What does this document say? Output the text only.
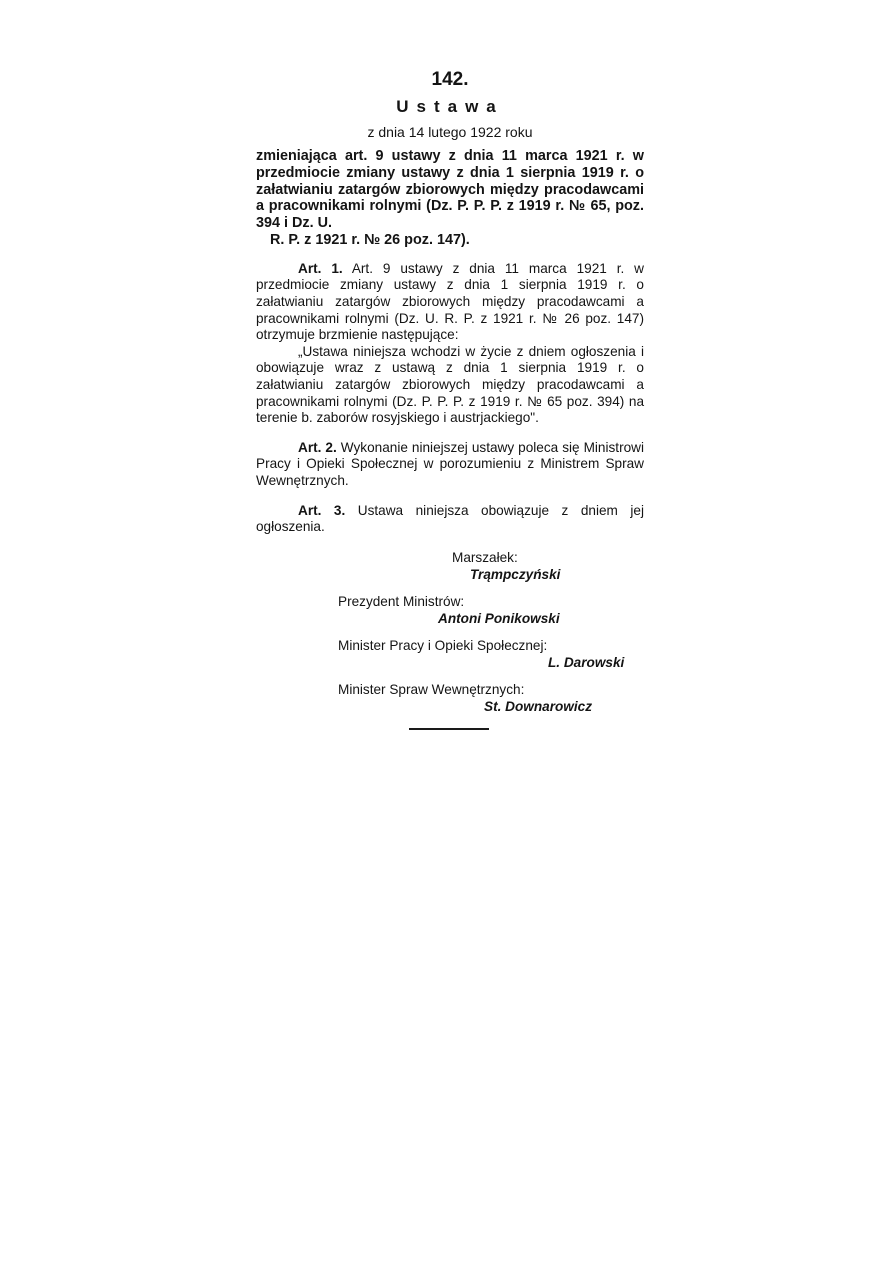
142.
Ustawa
z dnia 14 lutego 1922 roku
zmieniająca art. 9 ustawy z dnia 11 marca 1921 r. w przedmiocie zmiany ustawy z dnia 1 sierpnia 1919 r. o załatwianiu zatargów zbiorowych między pracodawcami a pracownikami rolnymi (Dz. P. P. P. z 1919 r. № 65, poz. 394 i Dz. U.
R. P. z 1921 r. № 26 poz. 147).
Art. 1. Art. 9 ustawy z dnia 11 marca 1921 r. w przedmiocie zmiany ustawy z dnia 1 sierpnia 1919 r. o załatwianiu zatargów zbiorowych między pracodawcami a pracownikami rolnymi (Dz. U. R. P. z 1921 r. № 26 poz. 147) otrzymuje brzmienie następujące:
„Ustawa niniejsza wchodzi w życie z dniem ogłoszenia i obowiązuje wraz z ustawą z dnia 1 sierpnia 1919 r. o załatwianiu zatargów zbiorowych między pracodawcami a pracownikami rolnymi (Dz. P. P. P. z 1919 r. № 65 poz. 394) na terenie b. zaborów rosyjskiego i austrjackiego".
Art. 2. Wykonanie niniejszej ustawy poleca się Ministrowi Pracy i Opieki Społecznej w porozumieniu z Ministrem Spraw Wewnętrznych.
Art. 3. Ustawa niniejsza obowiązuje z dniem jej ogłoszenia.
Marszałek:
Trąmpczyński
Prezydent Ministrów:
Antoni Ponikowski
Minister Pracy i Opieki Społecznej:
L. Darowski
Minister Spraw Wewnętrznych:
St. Downarowicz
